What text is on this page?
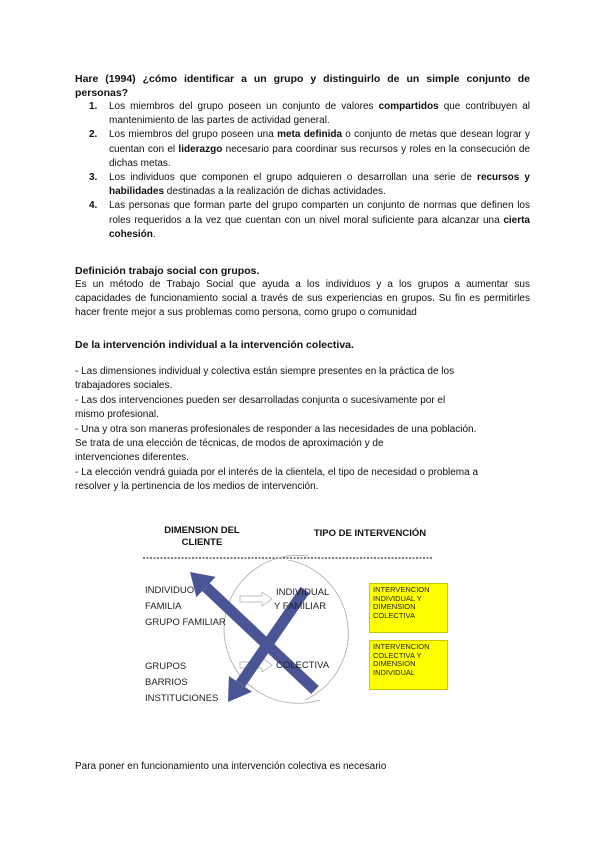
Hare (1994) ¿cómo identificar a un grupo y distinguirlo de un simple conjunto de personas?
1. Los miembros del grupo poseen un conjunto de valores compartidos que contribuyen al mantenimiento de las partes de actividad general.
2. Los miembros del grupo poseen una meta definida o conjunto de metas que desean lograr y cuentan con el liderazgo necesario para coordinar sus recursos y roles en la consecución de dichas metas.
3. Los individuos que componen el grupo adquieren o desarrollan una serie de recursos y habilidades destinadas a la realización de dichas actividades.
4. Las personas que forman parte del grupo comparten un conjunto de normas que definen los roles requeridos a la vez que cuentan con un nivel moral suficiente para alcanzar una cierta cohesión.
Definición trabajo social con grupos.
Es un método de Trabajo Social que ayuda a los individuos y a los grupos a aumentar sus capacidades de funcionamiento social a través de sus experiencias en grupos. Su fin es permitirles hacer frente mejor a sus problemas como persona, como grupo o comunidad
De la intervención individual a la intervención colectiva.
- Las dimensiones individual y colectiva están siempre presentes en la práctica de los
trabajadores sociales.
- Las dos intervenciones pueden ser desarrolladas conjunta o sucesivamente por el
mismo profesional.
- Una y otra son maneras profesionales de responder a las necesidades de una población.
Se trata de una elección de técnicas, de modos de aproximación y de
intervenciones diferentes.
- La elección vendrá guiada por el interés de la clientela, el tipo de necesidad o problema a
resolver y la pertinencia de los medios de intervención.
DIMENSION DEL CLIENTE
TIPO DE INTERVENCIÓN
INDIVIDUO
FAMILIA
GRUPO FAMILIAR
GRUPOS
BARRIOS
INSTITUCIONES
INDIVIDUAL
Y FAMILIAR
COLECTIVA
INTERVENCION
INDIVIDUAL Y
DIMENSION
COLECTIVA
INTERVENCION
COLECTIVA Y
DIMENSION
INDIVIDUAL
Para poner en funcionamiento una intervención colectiva es necesario
